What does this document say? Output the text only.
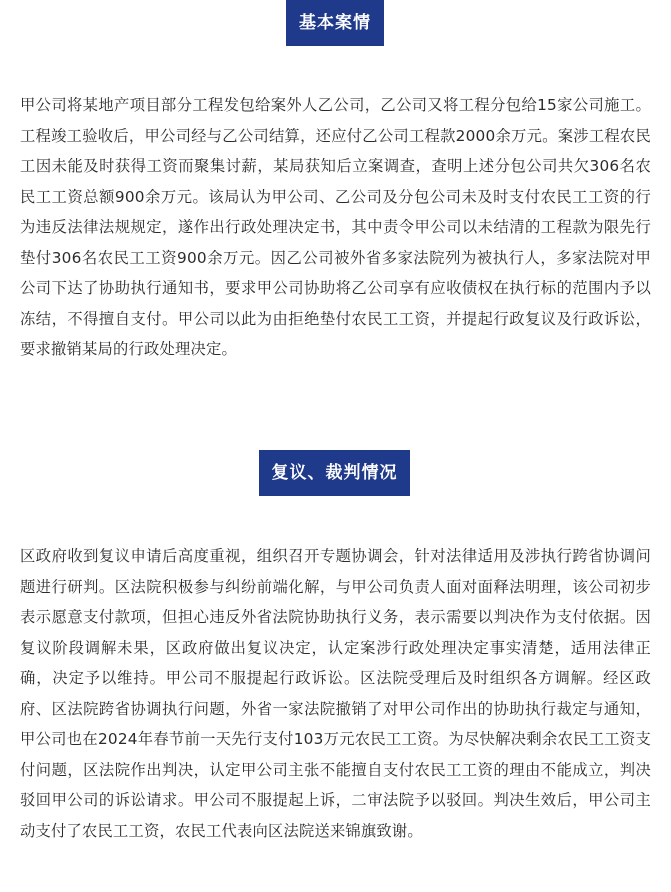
基本案情

甲公司将某地产项目部分工程发包给案外人乙公司，乙公司又将工程分包给15家公司施工。工程竣工验收后，甲公司经与乙公司结算，还应付乙公司工程款2000余万元。案涉工程农民工因未能及时获得工资而聚集讨薪，某局获知后立案调查，查明上述分包公司共欠306名农民工工资总额900余万元。该局认为甲公司、乙公司及分包公司未及时支付农民工工资的行为违反法律法规规定，遂作出行政处理决定书，其中责令甲公司以未结清的工程款为限先行垫付306名农民工工资900余万元。因乙公司被外省多家法院列为被执行人，多家法院对甲公司下达了协助执行通知书，要求甲公司协助将乙公司享有应收债权在执行标的范围内予以冻结，不得擅自支付。甲公司以此为由拒绝垫付农民工工资，并提起行政复议及行政诉讼，要求撤销某局的行政处理决定。

复议、裁判情况

区政府收到复议申请后高度重视，组织召开专题协调会，针对法律适用及涉执行跨省协调问题进行研判。区法院积极参与纠纷前端化解，与甲公司负责人面对面释法明理，该公司初步表示愿意支付款项，但担心违反外省法院协助执行义务，表示需要以判决作为支付依据。因复议阶段调解未果，区政府做出复议决定，认定案涉行政处理决定事实清楚，适用法律正确，决定予以维持。甲公司不服提起行政诉讼。区法院受理后及时组织各方调解。经区政府、区法院跨省协调执行问题，外省一家法院撤销了对甲公司作出的协助执行裁定与通知，甲公司也在2024年春节前一天先行支付103万元农民工工资。为尽快解决剩余农民工工资支付问题，区法院作出判决，认定甲公司主张不能擅自支付农民工工资的理由不能成立，判决驳回甲公司的诉讼请求。甲公司不服提起上诉，二审法院予以驳回。判决生效后，甲公司主动支付了农民工工资，农民工代表向区法院送来锦旗致谢。
